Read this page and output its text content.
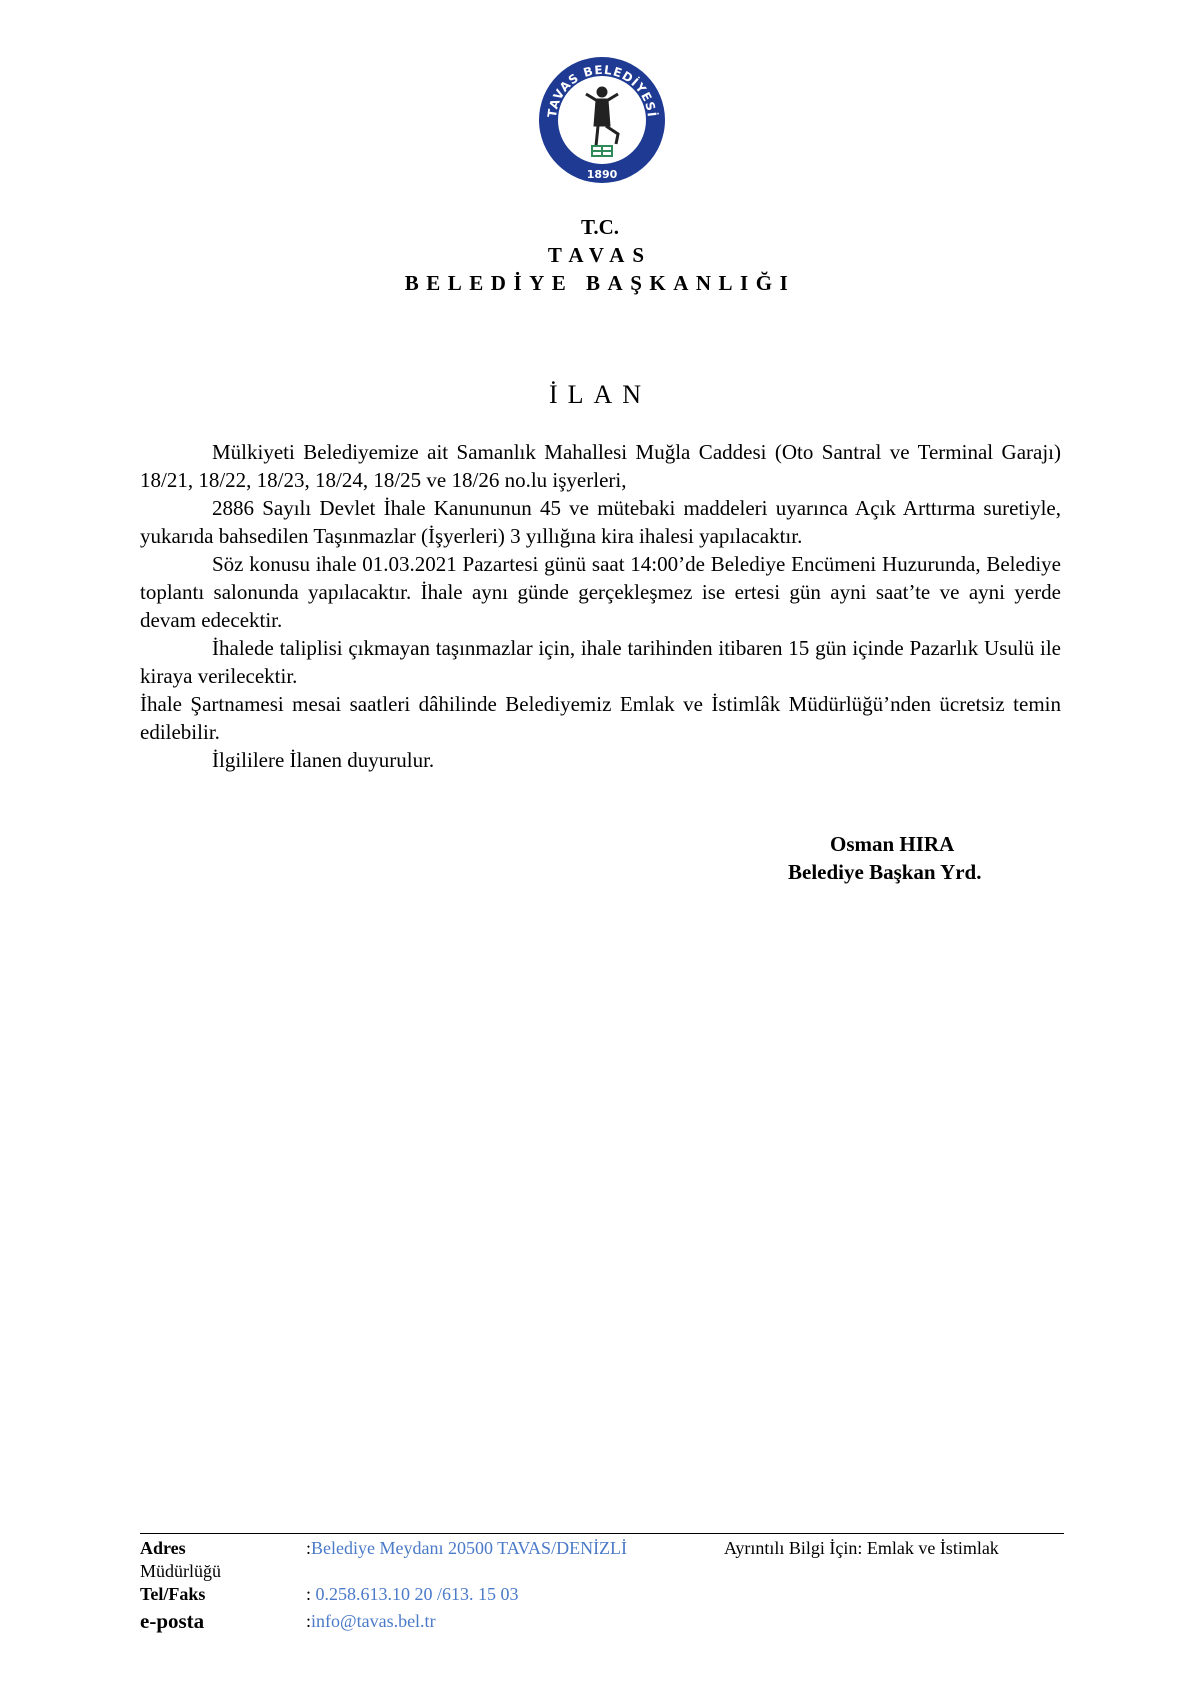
TAVAS BELEDİYESİ
1890
T.C.
TAVAS
BELEDİYE BAŞKANLIĞI
İLAN

Mülkiyeti Belediyemize ait Samanlık Mahallesi Muğla Caddesi (Oto Santral ve Terminal Garajı) 18/21, 18/22, 18/23, 18/24, 18/25 ve 18/26 no.lu işyerleri,

2886 Sayılı Devlet İhale Kanununun 45 ve mütebaki maddeleri uyarınca Açık Arttırma suretiyle, yukarıda bahsedilen Taşınmazlar (İşyerleri) 3 yıllığına kira ihalesi yapılacaktır.

Söz konusu ihale 01.03.2021 Pazartesi günü saat 14:00’de Belediye Encümeni Huzurunda, Belediye toplantı salonunda yapılacaktır. İhale aynı günde gerçekleşmez ise ertesi gün ayni saat’te ve ayni yerde devam edecektir.

İhalede taliplisi çıkmayan taşınmazlar için, ihale tarihinden itibaren 15 gün içinde Pazarlık Usulü ile kiraya verilecektir.

İhale Şartnamesi mesai saatleri dâhilinde Belediyemiz Emlak ve İstimlâk Müdürlüğü’nden ücretsiz temin edilebilir.

İlgililere İlanen duyurulur.

Osman HIRA
Belediye Başkan Yrd.
Adres	:Belediye Meydanı 20500 TAVAS/DENİZLİ	Ayrıntılı Bilgi İçin: Emlak ve İstimlak
Müdürlüğü
Tel/Faks	: 0.258.613.10 20 /613. 15 03
e-posta	:info@tavas.bel.tr
